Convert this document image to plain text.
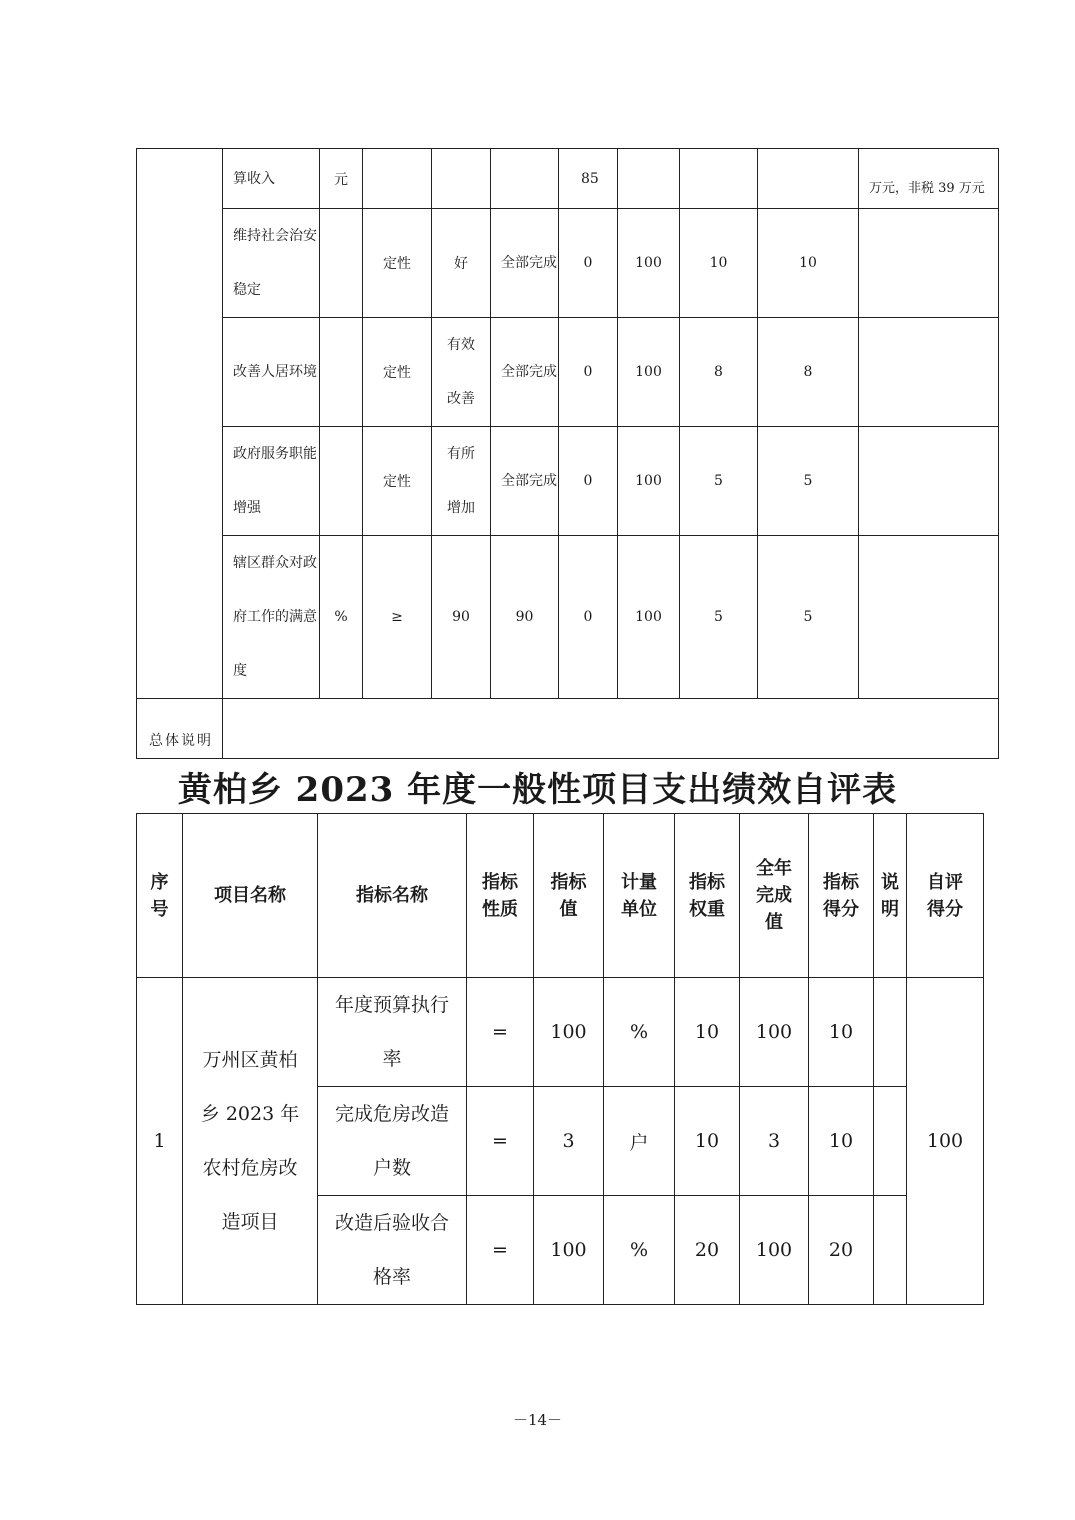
	算收入	元				85				万元，非税 39 万元
	维持社会治安稳定		定性	好	全部完成	0	100	10	10	
	改善人居环境		定性	有效改善	全部完成	0	100	8	8	
	政府服务职能增强		定性	有所增加	全部完成	0	100	5	5	
	辖区群众对政府工作的满意度	%	≥	90	90	0	100	5	5	
总体说明										
黄柏乡 2023 年度一般性项目支出绩效自评表
序号	项目名称	指标名称	指标性质	指标值	计量单位	指标权重	全年完成值	指标得分	说明	自评得分
1	万州区黄柏乡 2023 年农村危房改造项目	年度预算执行率	=	100	%	10	100	10		100
		完成危房改造户数	=	3	户	10	3	10		
		改造后验收合格率	=	100	%	20	100	20		
－14－
